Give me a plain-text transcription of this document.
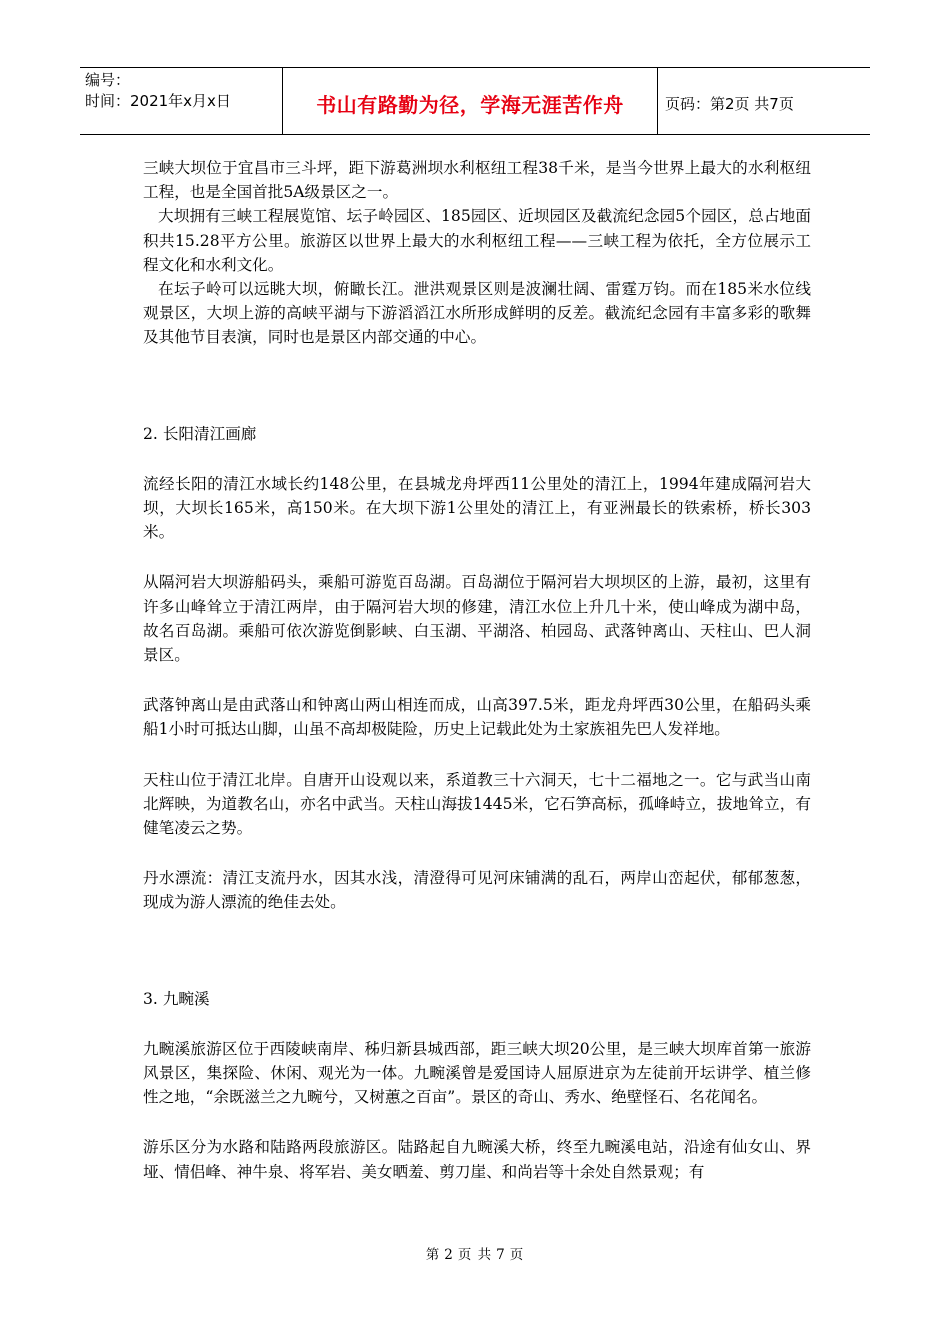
编号：
时间：2021年x月x日	书山有路勤为径，学海无涯苦作舟	页码：第2页 共7页

三峡大坝位于宜昌市三斗坪，距下游葛洲坝水利枢纽工程38千米，是当今世界上最大的水利枢纽工程，也是全国首批5A级景区之一。

大坝拥有三峡工程展览馆、坛子岭园区、185园区、近坝园区及截流纪念园5个园区，总占地面积共15.28平方公里。旅游区以世界上最大的水利枢纽工程——三峡工程为依托，全方位展示工程文化和水利文化。

在坛子岭可以远眺大坝，俯瞰长江。泄洪观景区则是波澜壮阔、雷霆万钧。而在185米水位线观景区，大坝上游的高峡平湖与下游滔滔江水所形成鲜明的反差。截流纪念园有丰富多彩的歌舞及其他节目表演，同时也是景区内部交通的中心。

2. 长阳清江画廊

流经长阳的清江水域长约148公里，在县城龙舟坪西11公里处的清江上，1994年建成隔河岩大坝，大坝长165米，高150米。在大坝下游1公里处的清江上，有亚洲最长的铁索桥，桥长303米。

从隔河岩大坝游船码头，乘船可游览百岛湖。百岛湖位于隔河岩大坝坝区的上游，最初，这里有许多山峰耸立于清江两岸，由于隔河岩大坝的修建，清江水位上升几十米，使山峰成为湖中岛，故名百岛湖。乘船可依次游览倒影峡、白玉湖、平湖洛、柏园岛、武落钟离山、天柱山、巴人洞景区。

武落钟离山是由武落山和钟离山两山相连而成，山高397.5米，距龙舟坪西30公里，在船码头乘船1小时可抵达山脚，山虽不高却极陡险，历史上记载此处为土家族祖先巴人发祥地。

天柱山位于清江北岸。自唐开山设观以来，系道教三十六洞天，七十二福地之一。它与武当山南北辉映，为道教名山，亦名中武当。天柱山海拔1445米，它石笋高标，孤峰峙立，拔地耸立，有健笔凌云之势。

丹水漂流：清江支流丹水，因其水浅，清澄得可见河床铺满的乱石，两岸山峦起伏，郁郁葱葱，现成为游人漂流的绝佳去处。

3. 九畹溪

九畹溪旅游区位于西陵峡南岸、秭归新县城西部，距三峡大坝20公里，是三峡大坝库首第一旅游风景区，集探险、休闲、观光为一体。九畹溪曾是爱国诗人屈原进京为左徒前开坛讲学、植兰修性之地，“余既滋兰之九畹兮，又树蕙之百亩”。景区的奇山、秀水、绝壁怪石、名花闻名。

游乐区分为水路和陆路两段旅游区。陆路起自九畹溪大桥，终至九畹溪电站，沿途有仙女山、界垭、情侣峰、神牛泉、将军岩、美女晒羞、剪刀崖、和尚岩等十余处自然景观；有

第 2 页 共 7 页
